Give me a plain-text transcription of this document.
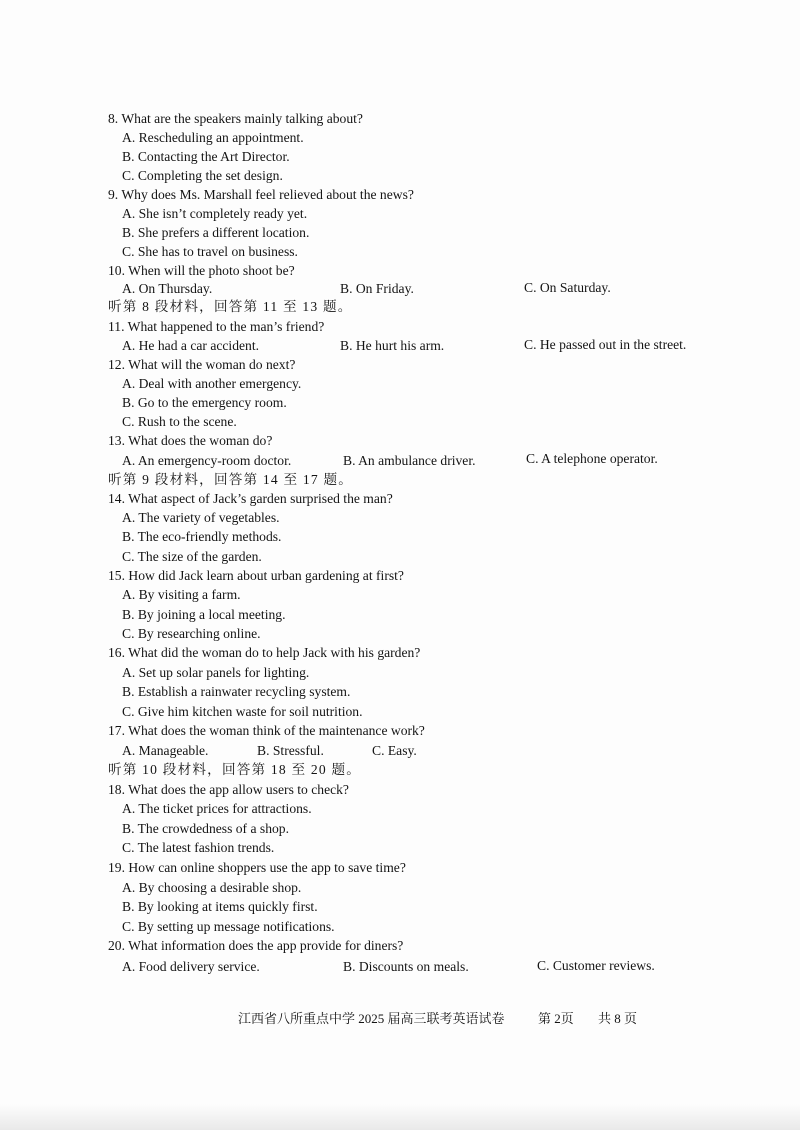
8. What are the speakers mainly talking about?
A. Rescheduling an appointment.
B. Contacting the Art Director.
C. Completing the set design.
9. Why does Ms. Marshall feel relieved about the news?
A. She isn’t completely ready yet.
B. She prefers a different location.
C. She has to travel on business.
10. When will the photo shoot be?
A. On Thursday.	B. On Friday.	C. On Saturday.
听第 8 段材料，回答第 11 至 13 题。
11. What happened to the man’s friend?
A. He had a car accident.	B. He hurt his arm.	C. He passed out in the street.
12. What will the woman do next?
A. Deal with another emergency.
B. Go to the emergency room.
C. Rush to the scene.
13. What does the woman do?
A. An emergency-room doctor.	B. An ambulance driver.	C. A telephone operator.
听第 9 段材料，回答第 14 至 17 题。
14. What aspect of Jack’s garden surprised the man?
A. The variety of vegetables.
B. The eco-friendly methods.
C. The size of the garden.
15. How did Jack learn about urban gardening at first?
A. By visiting a farm.
B. By joining a local meeting.
C. By researching online.
16. What did the woman do to help Jack with his garden?
A. Set up solar panels for lighting.
B. Establish a rainwater recycling system.
C. Give him kitchen waste for soil nutrition.
17. What does the woman think of the maintenance work?
A. Manageable.	B. Stressful.	C. Easy.
听第 10 段材料，回答第 18 至 20 题。
18. What does the app allow users to check?
A. The ticket prices for attractions.
B. The crowdedness of a shop.
C. The latest fashion trends.
19. How can online shoppers use the app to save time?
A. By choosing a desirable shop.
B. By looking at items quickly first.
C. By setting up message notifications.
20. What information does the app provide for diners?
A. Food delivery service.	B. Discounts on meals.	C. Customer reviews.
江西省八所重点中学 2025 届高三联考英语试卷	第 2页 共 8 页
